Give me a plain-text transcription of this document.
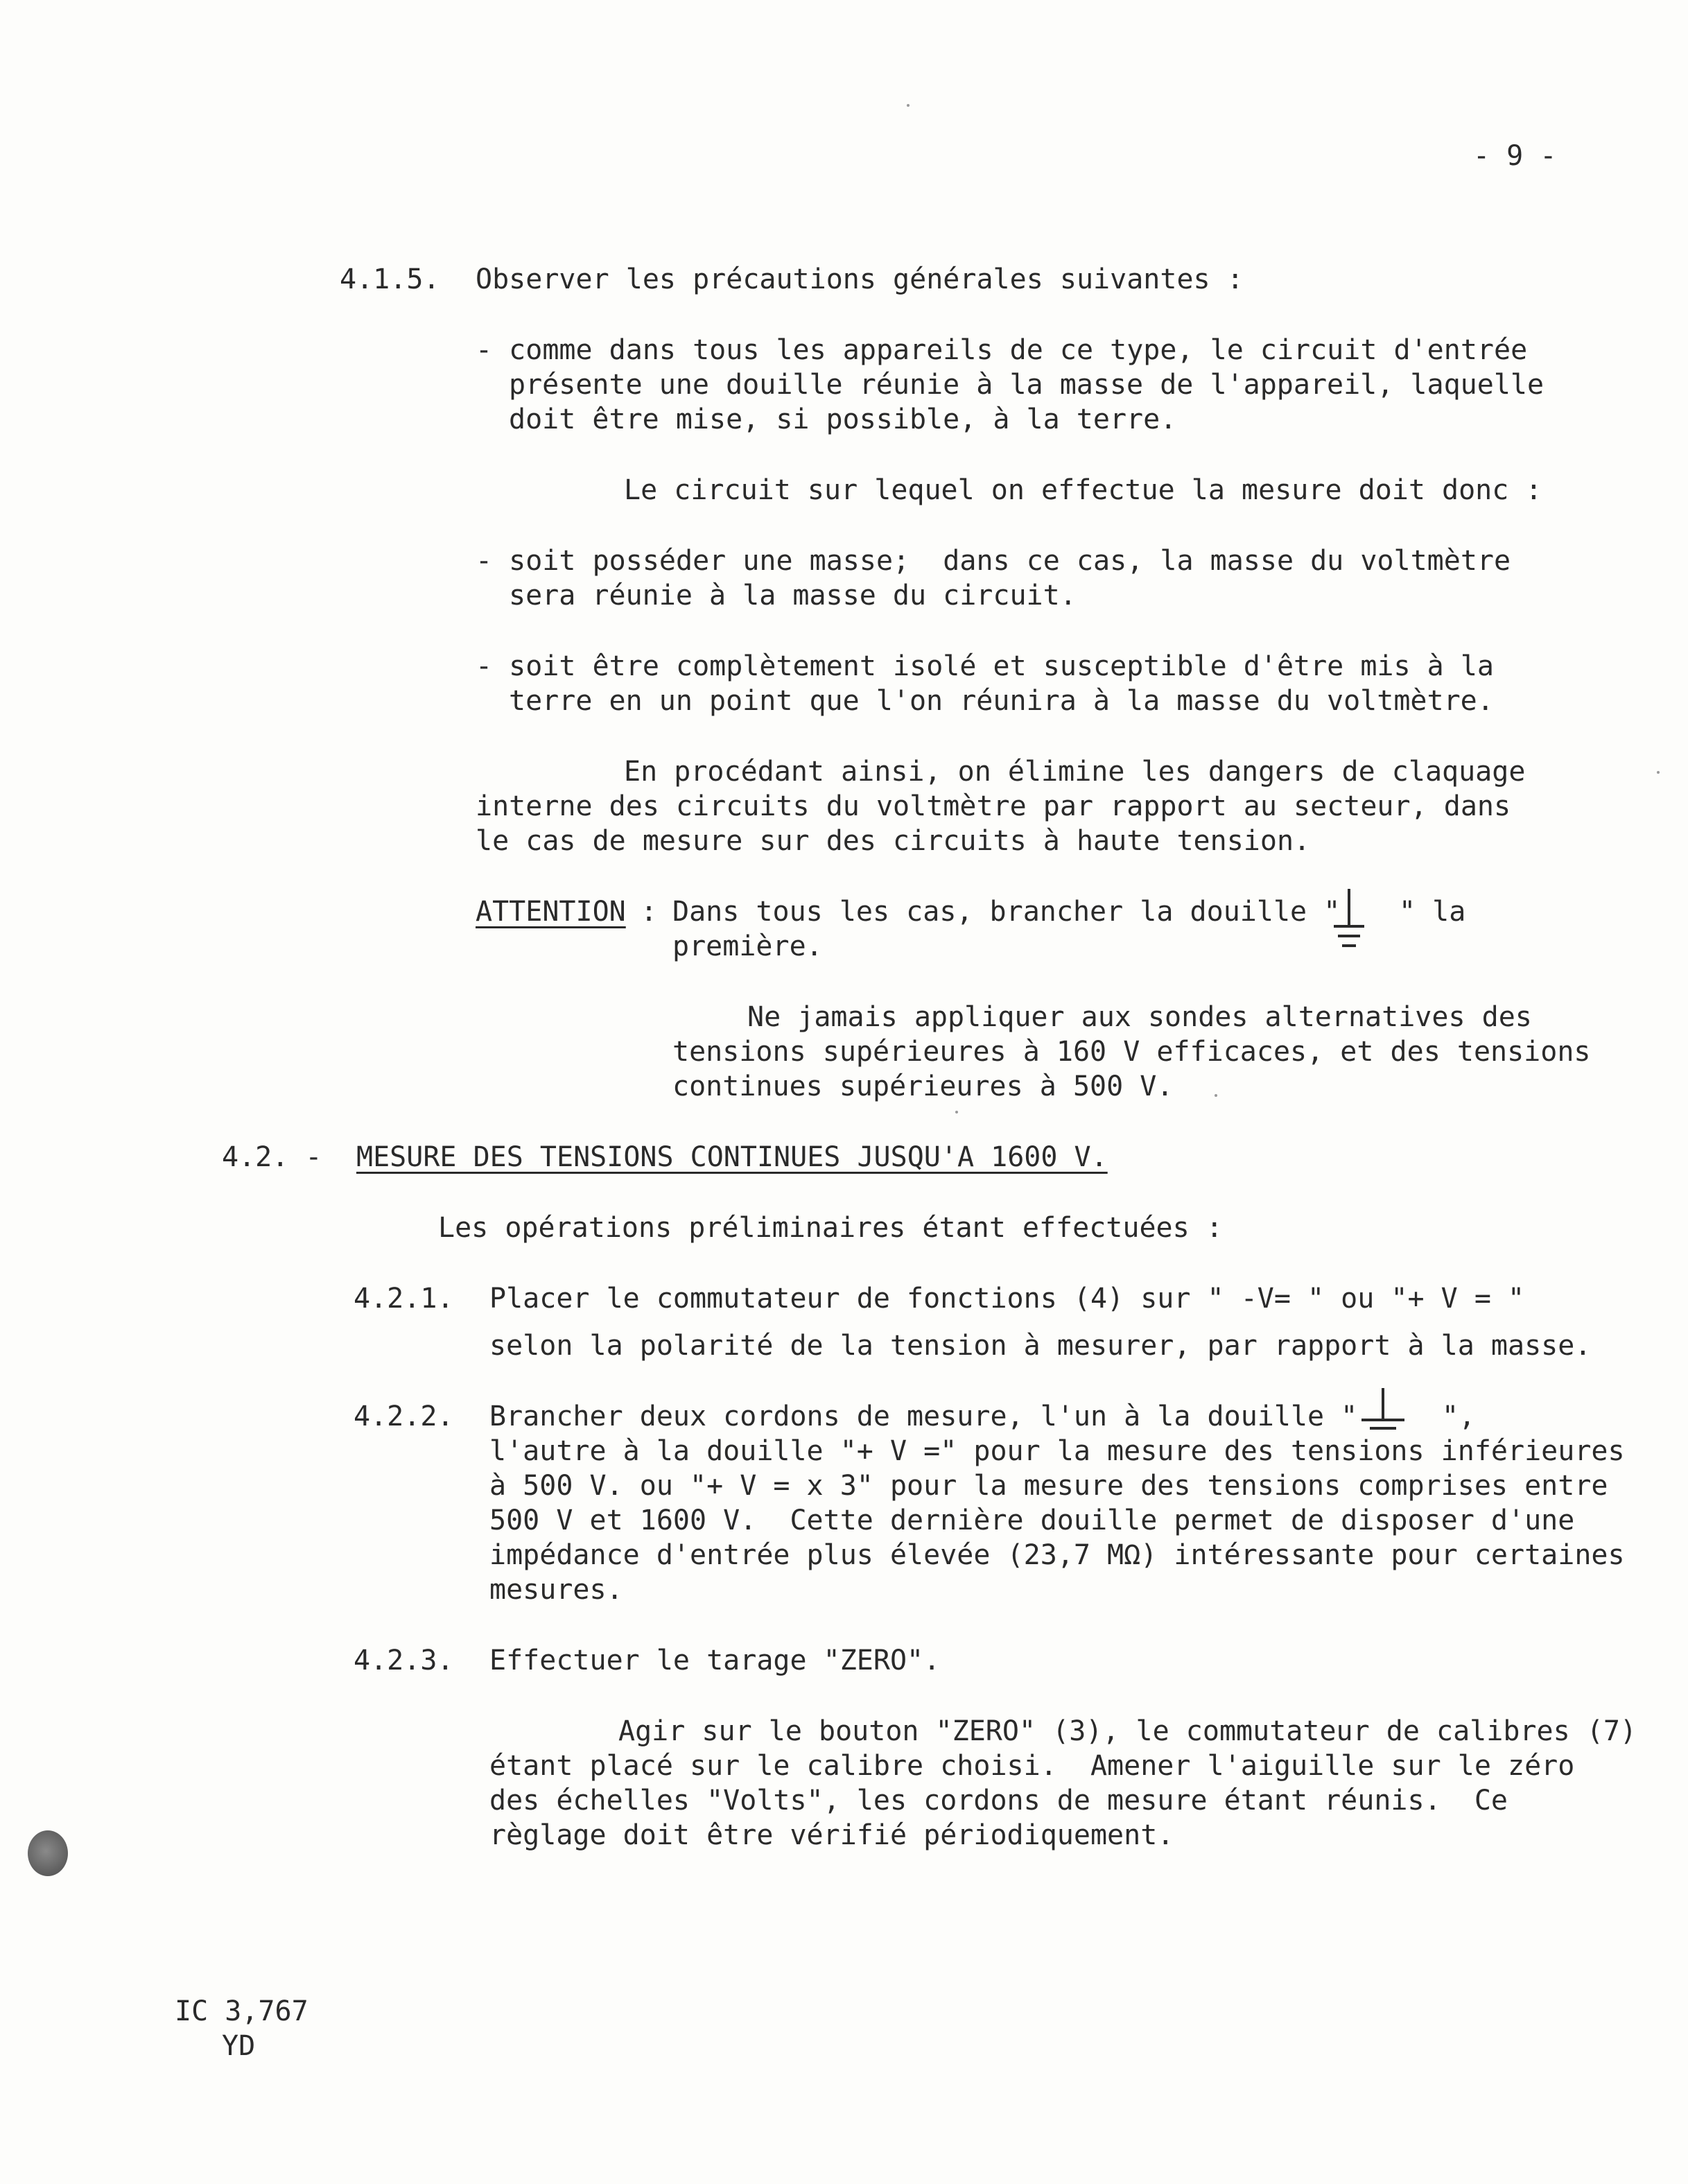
- 9 -
4.1.5. Observer les précautions générales suivantes :
- comme dans tous les appareils de ce type, le circuit d'entrée
présente une douille réunie à la masse de l'appareil, laquelle
doit être mise, si possible, à la terre.
Le circuit sur lequel on effectue la mesure doit donc :
- soit posséder une masse;  dans ce cas, la masse du voltmètre
sera réunie à la masse du circuit.
- soit être complètement isolé et susceptible d'être mis à la
terre en un point que l'on réunira à la masse du voltmètre.
En procédant ainsi, on élimine les dangers de claquage
interne des circuits du voltmètre par rapport au secteur, dans
le cas de mesure sur des circuits à haute tension.
ATTENTION : Dans tous les cas, brancher la douille " " la
première.
Ne jamais appliquer aux sondes alternatives des
tensions supérieures à 160 V efficaces, et des tensions
continues supérieures à 500 V.
4.2. - MESURE DES TENSIONS CONTINUES JUSQU'A 1600 V.
Les opérations préliminaires étant effectuées :
4.2.1. Placer le commutateur de fonctions (4) sur " -V= " ou "+ V = "
selon la polarité de la tension à mesurer, par rapport à la masse.
4.2.2. Brancher deux cordons de mesure, l'un à la douille "	",
l'autre à la douille "+ V =" pour la mesure des tensions inférieures
à 500 V. ou "+ V = x 3" pour la mesure des tensions comprises entre
500 V et 1600 V.  Cette dernière douille permet de disposer d'une
impédance d'entrée plus élevée (23,7 MΩ) intéressante pour certaines
mesures.
4.2.3. Effectuer le tarage "ZERO".
Agir sur le bouton "ZERO" (3), le commutateur de calibres (7)
étant placé sur le calibre choisi.  Amener l'aiguille sur le zéro
des échelles "Volts", les cordons de mesure étant réunis.  Ce
règlage doit être vérifié périodiquement.
IC 3,767
YD
